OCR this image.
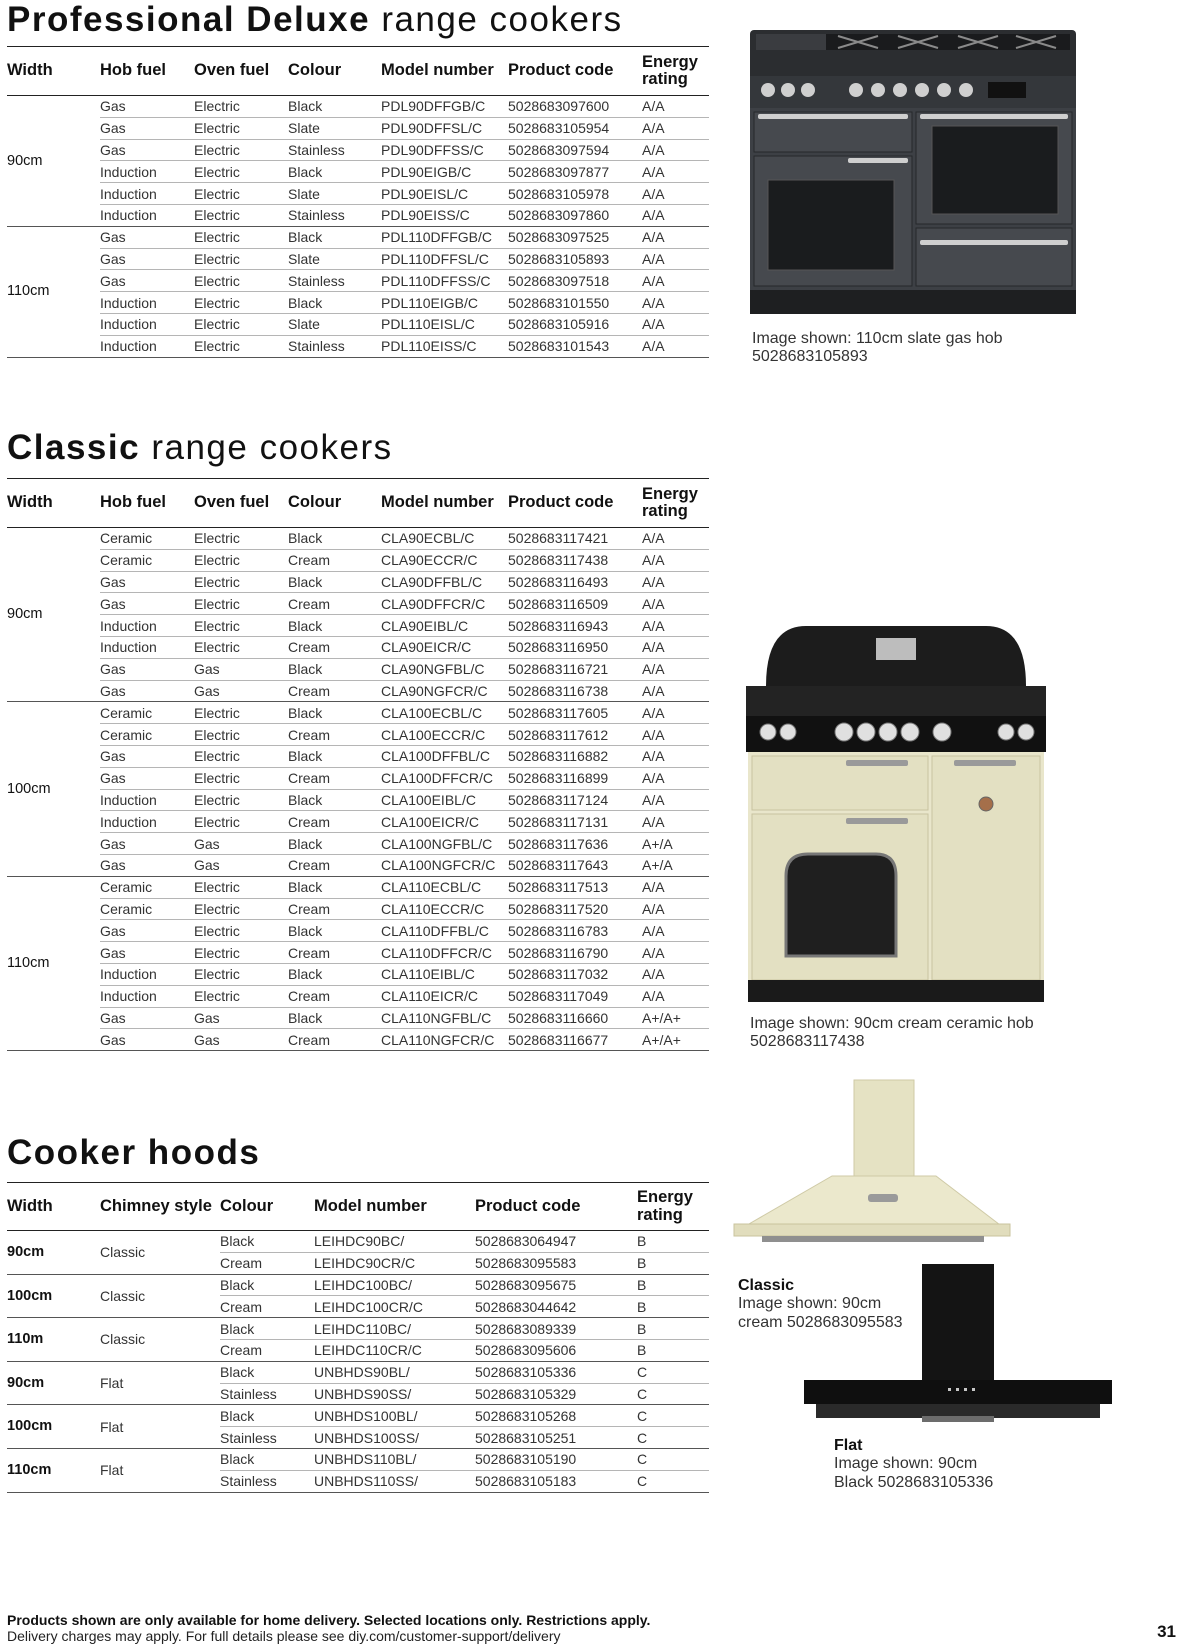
Professional Deluxe range cookers
Width	Hob fuel	Oven fuel	Colour	Model number	Product code	Energy rating
90cm	Gas	Electric	Black	PDL90DFFGB/C	5028683097600	A/A
	Gas	Electric	Slate	PDL90DFFSL/C	5028683105954	A/A
	Gas	Electric	Stainless	PDL90DFFSS/C	5028683097594	A/A
	Induction	Electric	Black	PDL90EIGB/C	5028683097877	A/A
	Induction	Electric	Slate	PDL90EISL/C	5028683105978	A/A
	Induction	Electric	Stainless	PDL90EISS/C	5028683097860	A/A
110cm	Gas	Electric	Black	PDL110DFFGB/C	5028683097525	A/A
	Gas	Electric	Slate	PDL110DFFSL/C	5028683105893	A/A
	Gas	Electric	Stainless	PDL110DFFSS/C	5028683097518	A/A
	Induction	Electric	Black	PDL110EIGB/C	5028683101550	A/A
	Induction	Electric	Slate	PDL110EISL/C	5028683105916	A/A
	Induction	Electric	Stainless	PDL110EISS/C	5028683101543	A/A	Image shown: 110cm slate gas hob
5028683105893
Classic range cookers
Width	Hob fuel	Oven fuel	Colour	Model number	Product code	Energy rating
90cm	Ceramic	Electric	Black	CLA90ECBL/C	5028683117421	A/A
	Ceramic	Electric	Cream	CLA90ECCR/C	5028683117438	A/A
	Gas	Electric	Black	CLA90DFFBL/C	5028683116493	A/A
	Gas	Electric	Cream	CLA90DFFCR/C	5028683116509	A/A
	Induction	Electric	Black	CLA90EIBL/C	5028683116943	A/A
	Induction	Electric	Cream	CLA90EICR/C	5028683116950	A/A
	Gas	Gas	Black	CLA90NGFBL/C	5028683116721	A/A
	Gas	Gas	Cream	CLA90NGFCR/C	5028683116738	A/A
100cm	Ceramic	Electric	Black	CLA100ECBL/C	5028683117605	A/A
	Ceramic	Electric	Cream	CLA100ECCR/C	5028683117612	A/A
	Gas	Electric	Black	CLA100DFFBL/C	5028683116882	A/A
	Gas	Electric	Cream	CLA100DFFCR/C	5028683116899	A/A
	Induction	Electric	Black	CLA100EIBL/C	5028683117124	A/A
	Induction	Electric	Cream	CLA100EICR/C	5028683117131	A/A
	Gas	Gas	Black	CLA100NGFBL/C	5028683117636	A+/A
	Gas	Gas	Cream	CLA100NGFCR/C	5028683117643	A+/A
110cm	Ceramic	Electric	Black	CLA110ECBL/C	5028683117513	A/A
	Ceramic	Electric	Cream	CLA110ECCR/C	5028683117520	A/A
	Gas	Electric	Black	CLA110DFFBL/C	5028683116783	A/A
	Gas	Electric	Cream	CLA110DFFCR/C	5028683116790	A/A
	Induction	Electric	Black	CLA110EIBL/C	5028683117032	A/A
	Induction	Electric	Cream	CLA110EICR/C	5028683117049	A/A
	Gas	Gas	Black	CLA110NGFBL/C	5028683116660	A+/A+
	Gas	Gas	Cream	CLA110NGFCR/C	5028683116677	A+/A+
Image shown: 90cm cream ceramic hob
5028683117438
Cooker hoods
Width	Chimney style	Colour	Model number	Product code	Energy rating
90cm	Classic	Black	LEIHDC90BC/	5028683064947	B
		Cream	LEIHDC90CR/C	5028683095583	B
100cm	Classic	Black	LEIHDC100BC/	5028683095675	B
		Cream	LEIHDC100CR/C	5028683044642	B
110m	Classic	Black	LEIHDC110BC/	5028683089339	B
		Cream	LEIHDC110CR/C	5028683095606	B
90cm	Flat	Black	UNBHDS90BL/	5028683105336	C
		Stainless	UNBHDS90SS/	5028683105329	C
100cm	Flat	Black	UNBHDS100BL/	5028683105268	C
		Stainless	UNBHDS100SS/	5028683105251	C
110cm	Flat	Black	UNBHDS110BL/	5028683105190	C
		Stainless	UNBHDS110SS/	5028683105183	C
Classic
Image shown: 90cm
cream 5028683095583
Flat
Image shown: 90cm
Black 5028683105336
Products shown are only available for home delivery. Selected locations only. Restrictions apply.
Delivery charges may apply. For full details please see diy.com/customer-support/delivery	31
